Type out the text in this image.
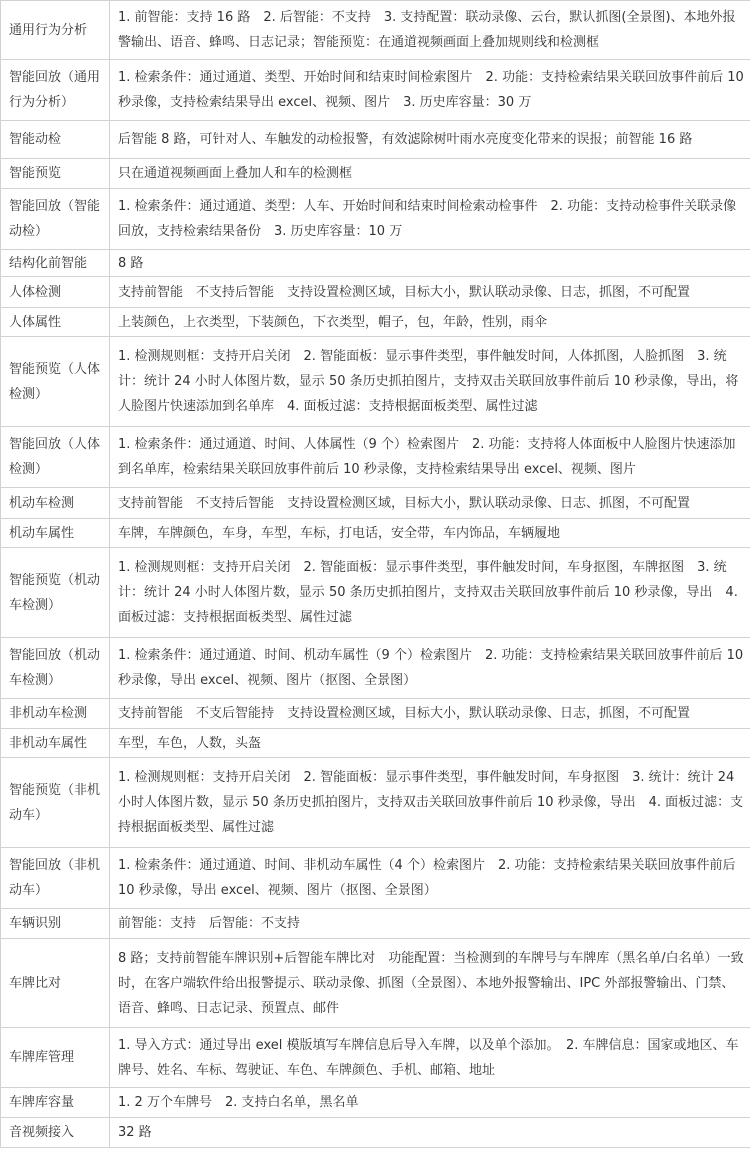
通用行为分析	1. 前智能：支持 16 路　2. 后智能：不支持　3. 支持配置：联动录像、云台，默认抓图(全景图)、本地外报警输出、语音、蜂鸣、日志记录；智能预览：在通道视频画面上叠加规则线和检测框
智能回放（通用行为分析）	1. 检索条件：通过通道、类型、开始时间和结束时间检索图片　2. 功能：支持检索结果关联回放事件前后 10 秒录像，支持检索结果导出 excel、视频、图片　3. 历史库容量：30 万
智能动检	后智能 8 路，可针对人、车触发的动检报警，有效滤除树叶雨水亮度变化带来的误报；前智能 16 路
智能预览	只在通道视频画面上叠加人和车的检测框
智能回放（智能动检）	1. 检索条件：通过通道、类型：人车、开始时间和结束时间检索动检事件　2. 功能：支持动检事件关联录像回放，支持检索结果备份　3. 历史库容量：10 万
结构化前智能	8 路
人体检测	支持前智能　不支持后智能　支持设置检测区域，目标大小，默认联动录像、日志，抓图，不可配置
人体属性	上装颜色，上衣类型，下装颜色，下衣类型，帽子，包，年龄，性别，雨伞
智能预览（人体检测）	1. 检测规则框：支持开启关闭　2. 智能面板：显示事件类型，事件触发时间，人体抓图，人脸抓图　3. 统计：统计 24 小时人体图片数，显示 50 条历史抓拍图片，支持双击关联回放事件前后 10 秒录像，导出，将人脸图片快速添加到名单库　4. 面板过滤：支持根据面板类型、属性过滤
智能回放（人体检测）	1. 检索条件：通过通道、时间、人体属性（9 个）检索图片　2. 功能：支持将人体面板中人脸图片快速添加到名单库，检索结果关联回放事件前后 10 秒录像，支持检索结果导出 excel、视频、图片
机动车检测	支持前智能　不支持后智能　支持设置检测区域，目标大小，默认联动录像、日志、抓图，不可配置
机动车属性	车牌，车牌颜色，车身，车型，车标，打电话，安全带，车内饰品，车辆履地
智能预览（机动车检测）	1. 检测规则框：支持开启关闭　2. 智能面板：显示事件类型，事件触发时间，车身抠图，车牌抠图　3. 统计：统计 24 小时人体图片数，显示 50 条历史抓拍图片，支持双击关联回放事件前后 10 秒录像，导出　4. 面板过滤：支持根据面板类型、属性过滤
智能回放（机动车检测）	1. 检索条件：通过通道、时间、机动车属性（9 个）检索图片　2. 功能：支持检索结果关联回放事件前后 10 秒录像，导出 excel、视频、图片（抠图、全景图）
非机动车检测	支持前智能　不支后智能持　支持设置检测区域，目标大小，默认联动录像、日志，抓图，不可配置
非机动车属性	车型，车色，人数，头盔
智能预览（非机动车）	1. 检测规则框：支持开启关闭　2. 智能面板：显示事件类型，事件触发时间，车身抠图　3. 统计：统计 24 小时人体图片数，显示 50 条历史抓拍图片，支持双击关联回放事件前后 10 秒录像，导出　4. 面板过滤：支持根据面板类型、属性过滤
智能回放（非机动车）	1. 检索条件：通过通道、时间、非机动车属性（4 个）检索图片　2. 功能：支持检索结果关联回放事件前后 10 秒录像，导出 excel、视频、图片（抠图、全景图）
车辆识别	前智能：支持　后智能：不支持
车牌比对	8 路；支持前智能车牌识别+后智能车牌比对　功能配置：当检测到的车牌号与车牌库（黑名单/白名单）一致时，在客户端软件给出报警提示、联动录像、抓图（全景图）、本地外报警输出、IPC 外部报警输出、门禁、语音、蜂鸣、日志记录、预置点、邮件
车牌库管理	1. 导入方式：通过导出 exel 模版填写车牌信息后导入车牌，以及单个添加。　2. 车牌信息：国家或地区、车牌号、姓名、车标、驾驶证、车色、车牌颜色、手机、邮箱、地址
车牌库容量	1. 2 万个车牌号　2. 支持白名单，黑名单
音视频接入	32 路
